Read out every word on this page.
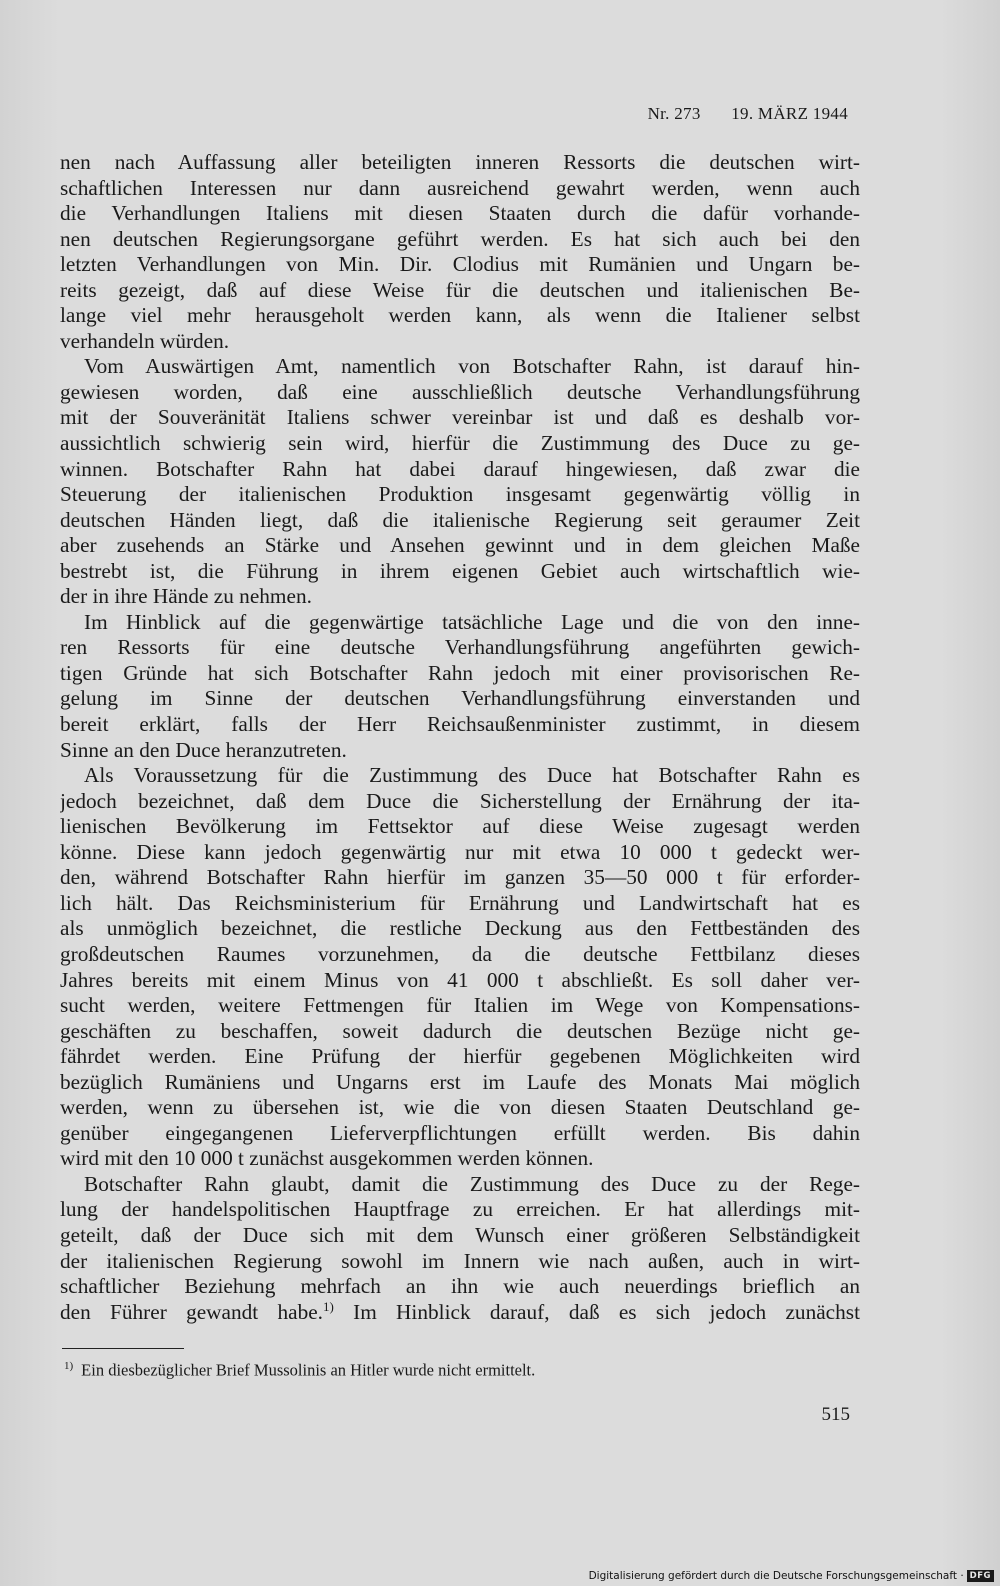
Nr. 273 19. MÄRZ 1944
nen nach Auffassung aller beteiligten inneren Ressorts die deutschen wirt-
schaftlichen Interessen nur dann ausreichend gewahrt werden, wenn auch
die Verhandlungen Italiens mit diesen Staaten durch die dafür vorhande-
nen deutschen Regierungsorgane geführt werden. Es hat sich auch bei den
letzten Verhandlungen von Min. Dir. Clodius mit Rumänien und Ungarn be-
reits gezeigt, daß auf diese Weise für die deutschen und italienischen Be-
lange viel mehr herausgeholt werden kann, als wenn die Italiener selbst
verhandeln würden.
Vom Auswärtigen Amt, namentlich von Botschafter Rahn, ist darauf hin-
gewiesen worden, daß eine ausschließlich deutsche Verhandlungsführung
mit der Souveränität Italiens schwer vereinbar ist und daß es deshalb vor-
aussichtlich schwierig sein wird, hierfür die Zustimmung des Duce zu ge-
winnen. Botschafter Rahn hat dabei darauf hingewiesen, daß zwar die
Steuerung der italienischen Produktion insgesamt gegenwärtig völlig in
deutschen Händen liegt, daß die italienische Regierung seit geraumer Zeit
aber zusehends an Stärke und Ansehen gewinnt und in dem gleichen Maße
bestrebt ist, die Führung in ihrem eigenen Gebiet auch wirtschaftlich wie-
der in ihre Hände zu nehmen.
Im Hinblick auf die gegenwärtige tatsächliche Lage und die von den inne-
ren Ressorts für eine deutsche Verhandlungsführung angeführten gewich-
tigen Gründe hat sich Botschafter Rahn jedoch mit einer provisorischen Re-
gelung im Sinne der deutschen Verhandlungsführung einverstanden und
bereit erklärt, falls der Herr Reichsaußenminister zustimmt, in diesem
Sinne an den Duce heranzutreten.
Als Voraussetzung für die Zustimmung des Duce hat Botschafter Rahn es
jedoch bezeichnet, daß dem Duce die Sicherstellung der Ernährung der ita-
lienischen Bevölkerung im Fettsektor auf diese Weise zugesagt werden
könne. Diese kann jedoch gegenwärtig nur mit etwa 10 000 t gedeckt wer-
den, während Botschafter Rahn hierfür im ganzen 35—50 000 t für erforder-
lich hält. Das Reichsministerium für Ernährung und Landwirtschaft hat es
als unmöglich bezeichnet, die restliche Deckung aus den Fettbeständen des
großdeutschen Raumes vorzunehmen, da die deutsche Fettbilanz dieses
Jahres bereits mit einem Minus von 41 000 t abschließt. Es soll daher ver-
sucht werden, weitere Fettmengen für Italien im Wege von Kompensations-
geschäften zu beschaffen, soweit dadurch die deutschen Bezüge nicht ge-
fährdet werden. Eine Prüfung der hierfür gegebenen Möglichkeiten wird
bezüglich Rumäniens und Ungarns erst im Laufe des Monats Mai möglich
werden, wenn zu übersehen ist, wie die von diesen Staaten Deutschland ge-
genüber eingegangenen Lieferverpflichtungen erfüllt werden. Bis dahin
wird mit den 10 000 t zunächst ausgekommen werden können.
Botschafter Rahn glaubt, damit die Zustimmung des Duce zu der Rege-
lung der handelspolitischen Hauptfrage zu erreichen. Er hat allerdings mit-
geteilt, daß der Duce sich mit dem Wunsch einer größeren Selbständigkeit
der italienischen Regierung sowohl im Innern wie nach außen, auch in wirt-
schaftlicher Beziehung mehrfach an ihn wie auch neuerdings brieflich an
den Führer gewandt habe.$^{1)}$ Im Hinblick darauf, daß es sich jedoch zunächst
$^{1)}$ Ein diesbezüglicher Brief Mussolinis an Hitler wurde nicht ermittelt.
515
Digitalisierung gefördert durch die Deutsche Forschungsgemeinschaft · DFG
